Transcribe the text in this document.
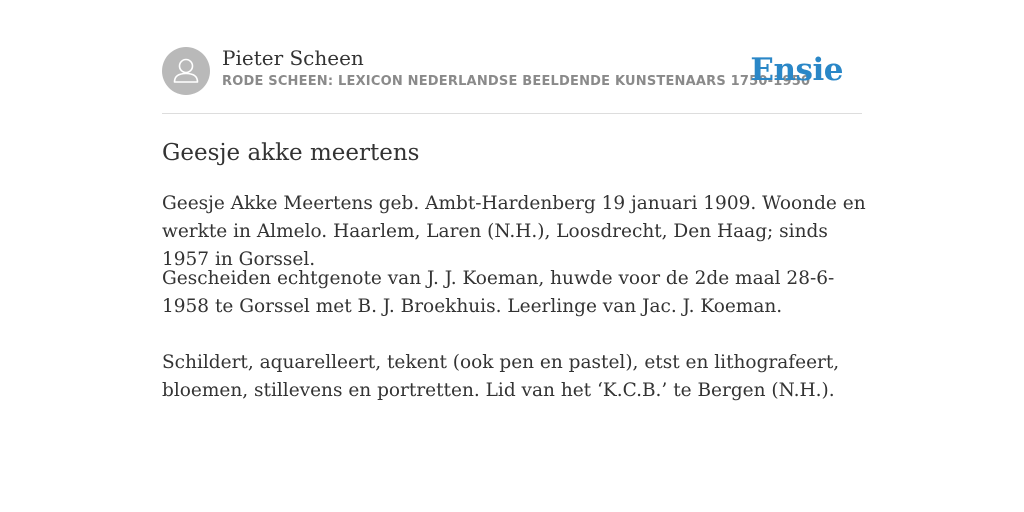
Pieter Scheen
RODE SCHEEN: LEXICON NEDERLANDSE BEELDENDE KUNSTENAARS 1750-1950
Ensie
Geesje akke meertens

Geesje Akke Meertens geb. Ambt-Hardenberg 19 januari 1909. Woonde en werkte in Almelo. Haarlem, Laren (N.H.), Loosdrecht, Den Haag; sinds 1957 in Gorssel.

Gescheiden echtgenote van J. J. Koeman, huwde voor de 2de maal 28-6-1958 te Gorssel met B. J. Broekhuis. Leerlinge van Jac. J. Koeman.

Schildert, aquarelleert, tekent (ook pen en pastel), etst en lithografeert, bloemen, stillevens en portretten. Lid van het ‘K.C.B.’ te Bergen (N.H.).
